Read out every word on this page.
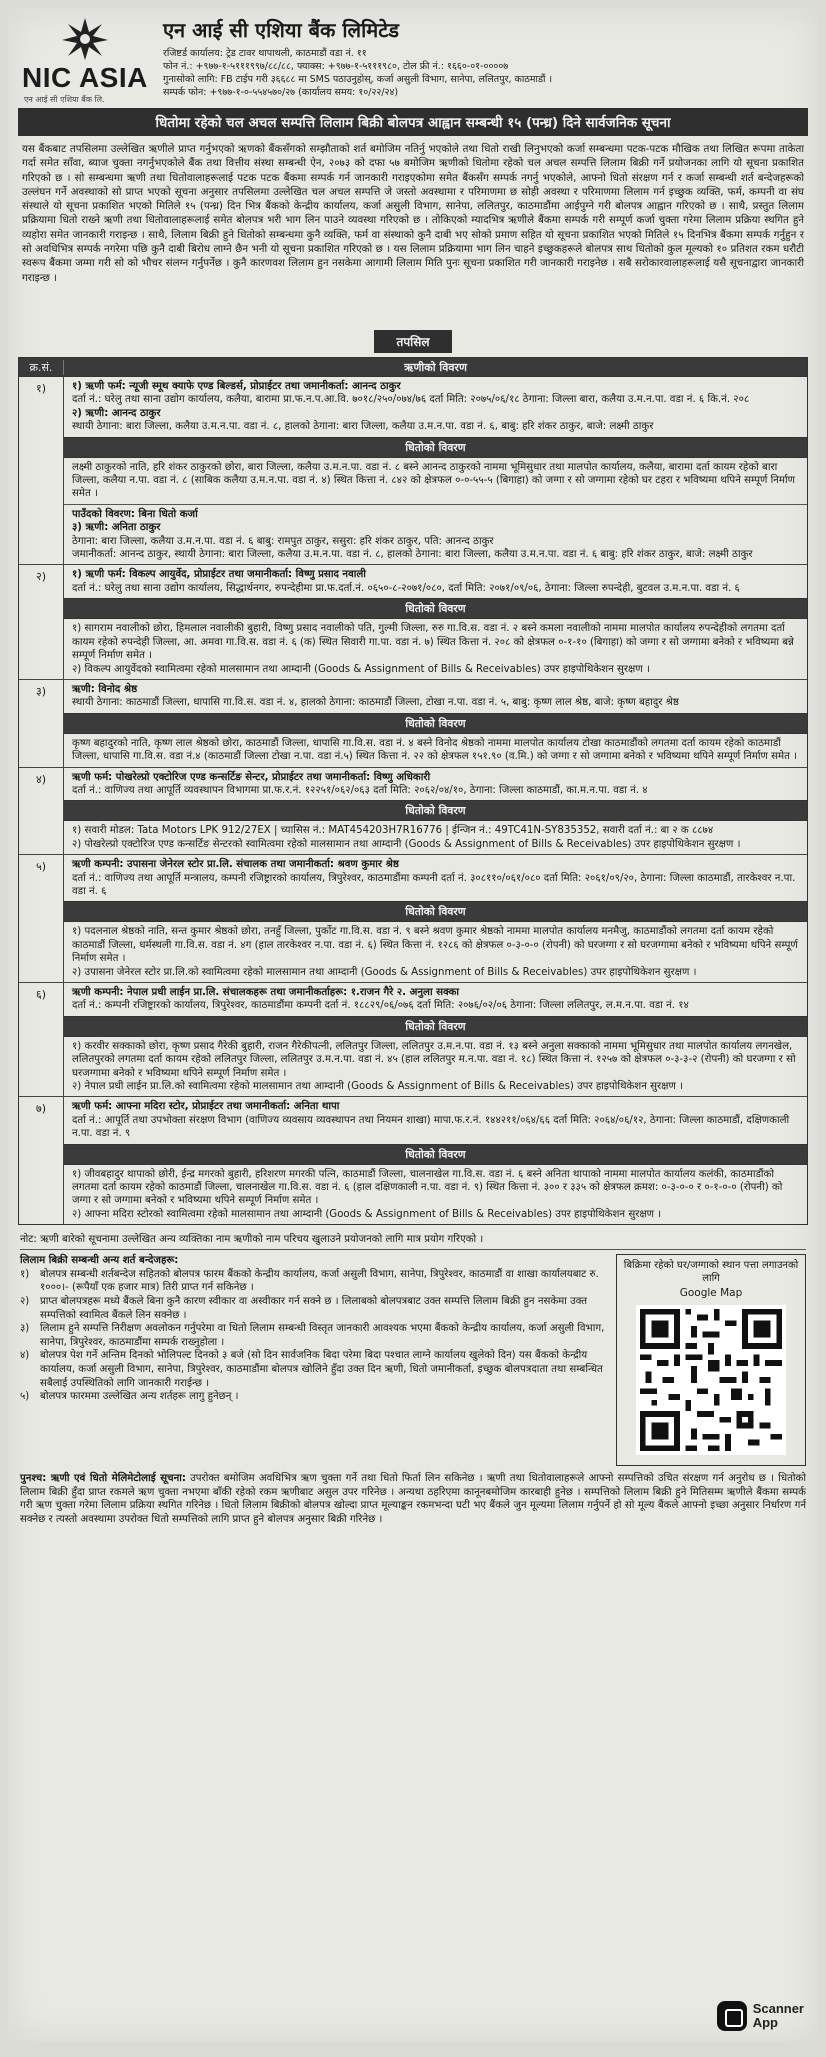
NIC ASIA
एन आई सी एशिया बैंक लि.
एन आई सी एशिया बैंक लिमिटेड
रजिष्टर्ड कार्यालय: ट्रेड टावर थापाथली, काठमाडौं वडा नं. ११
फोन नं.: +९७७-१-५१११९९७/८८/८८, फ्याक्स: +९७७-१-५१११९८०, टोल फ्री नं.: १६६०-०१-००००७
गुनासोको लागि: FB टाईप गरी ३६६८८ मा SMS पठाउनुहोस्, कर्जा असुली विभाग, सानेपा, ललितपुर, काठमाडौं ।
सम्पर्क फोन: +९७७-१-०-५५४५७०/२७ (कार्यालय समय: १०/२२/२४)
धितोमा रहेको चल अचल सम्पत्ति लिलाम बिक्री बोलपत्र आह्वान सम्बन्धी १५ (पन्ध्र) दिने सार्वजनिक सूचना
यस बैंकबाट तपसिलमा उल्लेखित ऋणीले प्राप्त गर्नुभएको ऋणको बैंकसँगको सम्झौताको शर्त बमोजिम नतिर्नु भएकोले तथा धितो राखी लिनुभएको कर्जा सम्बन्धमा पटक-पटक मौखिक तथा लिखित रूपमा ताकेता गर्दा समेत साँवा, ब्याज चुक्ता नगर्नुभएकोले बैंक तथा वित्तीय संस्था सम्बन्धी ऐन, २०७३ को दफा ५७ बमोजिम ऋणीको धितोमा रहेको चल अचल सम्पत्ति लिलाम बिक्री गर्ने प्रयोजनका लागि यो सूचना प्रकाशित गरिएको छ । सो सम्बन्धमा ऋणी तथा धितोवालाहरूलाई पटक पटक बैंकमा सम्पर्क गर्न जानकारी गराइएकोमा समेत बैंकसँग सम्पर्क नगर्नु भएकोले, आफ्नो धितो संरक्षण गर्न र कर्जा सम्बन्धी शर्त बन्देजहरूको उल्लंघन गर्ने अवस्थाको सो प्राप्त भएको सूचना अनुसार तपसिलमा उल्लेखित चल अचल सम्पत्ति जे जस्तो अवस्थामा र परिमाणमा छ सोही अवस्था र परिमाणमा लिलाम गर्न इच्छुक व्यक्ति, फर्म, कम्पनी वा संघ संस्थाले यो सूचना प्रकाशित भएको मितिले १५ (पन्ध्र) दिन भित्र बैंकको केन्द्रीय कार्यालय, कर्जा असुली विभाग, सानेपा, ललितपुर, काठमाडौंमा आईपुग्ने गरी बोलपत्र आह्वान गरिएको छ । साथै, प्रस्तुत लिलाम प्रक्रियामा धितो राख्ने ऋणी तथा धितोवालाहरूलाई समेत बोलपत्र भरी भाग लिन पाउने व्यवस्था गरिएको छ । तोकिएको म्यादभित्र ऋणीले बैंकमा सम्पर्क गरी सम्पूर्ण कर्जा चुक्ता गरेमा लिलाम प्रक्रिया स्थगित हुने व्यहोरा समेत जानकारी गराइन्छ । साथै, लिलाम बिक्री हुने धितोको सम्बन्धमा कुनै व्यक्ति, फर्म वा संस्थाको कुनै दाबी भए सोको प्रमाण सहित यो सूचना प्रकाशित भएको मितिले १५ दिनभित्र बैंकमा सम्पर्क गर्नुहुन र सो अवधिभित्र सम्पर्क नगरेमा पछि कुनै दाबी बिरोध लाग्ने छैन भनी यो सूचना प्रकाशित गरिएको छ । यस लिलाम प्रक्रियामा भाग लिन चाहने इच्छुकहरूले बोलपत्र साथ धितोको कुल मूल्यको १० प्रतिशत रकम धरौटी स्वरूप बैंकमा जम्मा गरी सो को भौचर संलग्न गर्नुपर्नेछ । कुनै कारणवश लिलाम हुन नसकेमा आगामी लिलाम मिति पुनः सूचना प्रकाशित गरी जानकारी गराइनेछ । सबै सरोकारवालाहरूलाई यसै सूचनाद्वारा जानकारी गराइन्छ ।
तपसिल
क्र.सं.	ऋणीको विवरण
१)	१) ऋणी फर्म: न्यूजी स्मूथ क्याफे एण्ड बिल्डर्स, प्रोप्राईटर तथा जमानीकर्ता: आनन्द ठाकुर
दर्ता नं.: घरेलु तथा साना उद्योग कार्यालय, कलैया, बारामा प्रा.फ.न.प.आ.वि. ७०१८/२५०/०७४/७६ दर्ता मिति: २०७५/०६/१८ ठेगाना: जिल्ला बारा, कलैया उ.म.न.पा. वडा नं. ६ कि.नं. २०८
२) ऋणी: आनन्द ठाकुर
स्थायी ठेगाना: बारा जिल्ला, कलैया उ.म.न.पा. वडा नं. ८, हालको ठेगाना: बारा जिल्ला, कलैया उ.म.न.पा. वडा नं. ६, बाबु: हरि शंकर ठाकुर, बाजे: लक्ष्मी ठाकुर
धितोको विवरण
लक्ष्मी ठाकुरको नाति, हरि शंकर ठाकुरको छोरा, बारा जिल्ला, कलैया उ.म.न.पा. वडा नं. ८ बस्ने आनन्द ठाकुरको नाममा भूमिसुधार तथा मालपोत कार्यालय, कलैया, बारामा दर्ता कायम रहेको बारा जिल्ला, कलैया न.पा. वडा नं. ८ (साबिक कलैया उ.म.न.पा. वडा नं. ४) स्थित कित्ता नं. ८४२ को क्षेत्रफल ०-०-५५-५ (बिगाहा) को जग्गा र सो जग्गामा रहेको घर टहरा र भविष्यमा थपिने सम्पूर्ण निर्माण समेत ।
पाउँदको विवरण: बिना धितो कर्जा
३) ऋणी: अनिता ठाकुर
ठेगाना: बारा जिल्ला, कलैया उ.म.न.पा. वडा नं. ६ बाबु: रामपुत ठाकुर, ससुरा: हरि शंकर ठाकुर, पति: आनन्द ठाकुर
जमानीकर्ता: आनन्द ठाकुर, स्थायी ठेगाना: बारा जिल्ला, कलैया उ.म.न.पा. वडा नं. ८, हालको ठेगाना: बारा जिल्ला, कलैया उ.म.न.पा. वडा नं. ६ बाबु: हरि शंकर ठाकुर, बाजे: लक्ष्मी ठाकुर
२)	१) ऋणी फर्म: विकल्प आयुर्वेद, प्रोप्राईटर तथा जमानीकर्ता: विष्णु प्रसाद नवाली
दर्ता नं.: घरेलु तथा साना उद्योग कार्यालय, सिद्धार्थनगर, रुपन्देहीमा प्रा.फ.दर्ता.नं. ०६५०-८-२०७१/०८०, दर्ता मिति: २०७१/०९/०६, ठेगाना: जिल्ला रुपन्देही, बुटवल उ.म.न.पा. वडा नं. ६
धितोको विवरण
१) सागराम नवालीको छोरा, हिमलाल नवालीकी बुहारी, विष्णु प्रसाद नवालीको पति, गुल्मी जिल्ला, रुरु गा.वि.स. वडा नं. २ बस्ने कमला नवालीको नाममा मालपोत कार्यालय रुपन्देहीको लगतमा दर्ता कायम रहेको रुपन्देही जिल्ला, आ. अमवा गा.वि.स. वडा नं. ६ (क) स्थित सिवारी गा.पा. वडा नं. ७) स्थित कित्ता नं. २०८ को क्षेत्रफल ०-१-१० (बिगाहा) को जग्गा र सो जग्गामा बनेको र भविष्यमा बन्ने सम्पूर्ण निर्माण समेत ।
२) विकल्प आयुर्वेदको स्वामित्वमा रहेको मालसामान तथा आम्दानी (Goods & Assignment of Bills & Receivables) उपर हाइपोथिकेशन सुरक्षण ।
३)	ऋणी: विनोद श्रेष्ठ
स्थायी ठेगाना: काठमाडौं जिल्ला, धापासि गा.वि.स. वडा नं. ४, हालको ठेगाना: काठमाडौं जिल्ला, टोखा न.पा. वडा नं. ५, बाबु: कृष्ण लाल श्रेष्ठ, बाजे: कृष्ण बहादुर श्रेष्ठ
धितोको विवरण
कृष्ण बहादुरको नाति, कृष्ण लाल श्रेष्ठको छोरा, काठमाडौं जिल्ला, धापासि गा.वि.स. वडा नं. ४ बस्ने विनोद श्रेष्ठको नाममा मालपोत कार्यालय टोखा काठमाडौंको लगतमा दर्ता कायम रहेको काठमाडौं जिल्ला, धापासि गा.वि.स. वडा नं.४ (काठमाडौं जिल्ला टोखा न.पा. वडा नं.५) स्थित कित्ता नं. २२ को क्षेत्रफल १५१.९० (व.मि.) को जग्गा र सो जग्गामा बनेको र भविष्यमा थपिने सम्पूर्ण निर्माण समेत ।
४)	ऋणी फर्म: पोखरेल्प्रो एक्टोरिज एण्ड कन्सर्टिङ सेन्टर, प्रोप्राईटर तथा जमानीकर्ता: विष्णु अधिकारी
दर्ता नं.: वाणिज्य तथा आपूर्ति व्यवस्थापन विभागमा प्रा.फ.र.नं. १२२५१/०६२/०६३ दर्ता मिति: २०६२/०४/१०, ठेगाना: जिल्ला काठमाडौं, का.म.न.पा. वडा नं. ४
धितोको विवरण
१) सवारी मोडल: Tata Motors LPK 912/27EX | च्यासिस नं.: MAT454203H7R16776 | ईन्जिन नं.: 49TC41N-SY835352, सवारी दर्ता नं.: बा २ क ८८७४
२) पोखरेल्प्रो एक्टोरिज एण्ड कन्सर्टिङ सेन्टरको स्वामित्वमा रहेको मालसामान तथा आम्दानी (Goods & Assignment of Bills & Receivables) उपर हाइपोथिकेशन सुरक्षण ।
५)	ऋणी कम्पनी: उपासना जेनेरल स्टोर प्रा.लि. संचालक तथा जमानीकर्ता: श्रवण कुमार श्रेष्ठ
दर्ता नं.: वाणिज्य तथा आपूर्ति मन्त्रालय, कम्पनी रजिष्ट्रारको कार्यालय, त्रिपुरेश्वर, काठमाडौंमा कम्पनी दर्ता नं. ३०८११०/०६१/०८० दर्ता मिति: २०६१/०९/२०, ठेगाना: जिल्ला काठमाडौं, तारकेश्वर न.पा. वडा नं. ६
धितोको विवरण
१) पदलनाल श्रेष्ठको नाति, सन्त कुमार श्रेष्ठको छोरा, तनहुँ जिल्ला, पुर्कोट गा.वि.स. वडा नं. ९ बस्ने श्रवण कुमार श्रेष्ठको नाममा मालपोत कार्यालय मनमैजु, काठमाडौंको लगतमा दर्ता कायम रहेको काठमाडौं जिल्ला, धर्मस्थली गा.वि.स. वडा नं. ४ग (हाल तारकेश्वर न.पा. वडा नं. ६) स्थित कित्ता नं. १२८६ को क्षेत्रफल ०-३-०-० (रोपनी) को घरजग्गा र सो घरजग्गामा बनेको र भविष्यमा थपिने सम्पूर्ण निर्माण समेत ।
२) उपासना जेनेरल स्टोर प्रा.लि.को स्वामित्वमा रहेको मालसामान तथा आम्दानी (Goods & Assignment of Bills & Receivables) उपर हाइपोथिकेशन सुरक्षण ।
६)	ऋणी कम्पनी: नेपाल प्रधी लाईन प्रा.लि. संचालकहरू तथा जमानीकर्ताहरू: १.राजन गैरे २. अनुला सक्का
दर्ता नं.: कम्पनी रजिष्ट्रारको कार्यालय, त्रिपुरेश्वर, काठमाडौंमा कम्पनी दर्ता नं. १८८२९/०६/०७६ दर्ता मिति: २०७६/०२/०६ ठेगाना: जिल्ला ललितपुर, ल.म.न.पा. वडा नं. १४
धितोको विवरण
१) करवीर सक्काको छोरा, कृष्ण प्रसाद गैरेकी बुहारी, राजन गैरेकीपत्नी, ललितपुर जिल्ला, ललितपुर उ.म.न.पा. वडा नं. १३ बस्ने अनुला सक्काको नाममा भूमिसुधार तथा मालपोत कार्यालय लगनखेल, ललितपुरको लगतमा दर्ता कायम रहेको ललितपुर जिल्ला, ललितपुर उ.म.न.पा. वडा नं. ४५ (हाल ललितपुर म.न.पा. वडा नं. १८) स्थित कित्ता नं. १२५७ को क्षेत्रफल ०-३-३-२ (रोपनी) को घरजग्गा र सो घरजग्गामा बनेको र भविष्यमा थपिने सम्पूर्ण निर्माण समेत ।
२) नेपाल प्रधी लाईन प्रा.लि.को स्वामित्वमा रहेको मालसामान तथा आम्दानी (Goods & Assignment of Bills & Receivables) उपर हाइपोथिकेशन सुरक्षण ।
७)	ऋणी फर्म: आफ्ना मदिरा स्टोर, प्रोप्राईटर तथा जमानीकर्ता: अनिता थापा
दर्ता नं.: आपूर्ति तथा उपभोक्ता संरक्षण विभाग (वाणिज्य व्यवसाय व्यवस्थापन तथा नियमन शाखा) मापा.फ.र.नं. १४४२११/०६४/६६ दर्ता मिति: २०६४/०६/१२, ठेगाना: जिल्ला काठमाडौं, दक्षिणकाली न.पा. वडा नं. ९
धितोको विवरण
१) जीवबहादुर थापाको छोरी, ईन्द्र मगरको बुहारी, हरिशरण मगरकी पत्नि, काठमाडौं जिल्ला, चालनाखेल गा.वि.स. वडा नं. ६ बस्ने अनिता थापाको नाममा मालपोत कार्यालय कलंकी, काठमाडौंको लगतमा दर्ता कायम रहेको काठमाडौं जिल्ला, चालनाखेल गा.वि.स. वडा नं. ६ (हाल दक्षिणकाली न.पा. वडा नं. ९) स्थित कित्ता नं. ३०० र ३३५ को क्षेत्रफल क्रमश: ०-३-०-० र ०-१-०-० (रोपनी) को जग्गा र सो जग्गामा बनेको र भविष्यमा थपिने सम्पूर्ण निर्माण समेत ।
२) आफ्ना मदिरा स्टोरको स्वामित्वमा रहेको मालसामान तथा आम्दानी (Goods & Assignment of Bills & Receivables) उपर हाइपोथिकेशन सुरक्षण ।
नोट: ऋणी बारेको सूचनामा उल्लेखित अन्य व्यक्तिका नाम ऋणीको नाम परिचय खुलाउने प्रयोजनको लागि मात्र प्रयोग गरिएको ।
लिलाम बिक्री सम्बन्धी अन्य शर्त बन्देजहरू:
१)	बोलपत्र सम्बन्धी शर्तबन्देज सहितको बोलपत्र फारम बैंकको केन्द्रीय कार्यालय, कर्जा असुली विभाग, सानेपा, त्रिपुरेश्वर, काठमाडौं वा शाखा कार्यालयबाट रु. १०००।- (रूपैयाँ एक हजार मात्र) तिरी प्राप्त गर्न सकिनेछ ।
२)	प्राप्त बोलपत्रहरू मध्ये बैंकले बिना कुनै कारण स्वीकार वा अस्वीकार गर्न सक्ने छ । लिलाबको बोलपत्रबाट उक्त सम्पत्ति लिलाम बिक्री हुन नसकेमा उक्त सम्पत्तिको स्वामित्व बैंकले लिन सक्नेछ ।
३)	लिलाम हुने सम्पत्ति निरीक्षण अवलोकन गर्नुपरेमा वा धितो लिलाम सम्बन्धी विस्तृत जानकारी आवश्यक भएमा बैंकको केन्द्रीय कार्यालय, कर्जा असुली विभाग, सानेपा, त्रिपुरेश्वर, काठमाडौंमा सम्पर्क राख्नुहोला ।
४)	बोलपत्र पेश गर्ने अन्तिम दिनको भोलिपल्ट दिनको ३ बजे (सो दिन सार्वजनिक बिदा परेमा बिदा पश्चात लाग्ने कार्यालय खुलेको दिन) यस बैंकको केन्द्रीय कार्यालय, कर्जा असुली विभाग, सानेपा, त्रिपुरेश्वर, काठमाडौंमा बोलपत्र खोलिने हुँदा उक्त दिन ऋणी, धितो जमानीकर्ता, इच्छुक बोलपत्रदाता तथा सम्बन्धित सबैलाई उपस्थितिको लागि जानकारी गराईन्छ ।
५)	बोलपत्र फारममा उल्लेखित अन्य शर्तहरू लागु हुनेछन् ।
बिक्रिमा रहेको घर/जग्गाको स्थान पत्ता लगाउनको लागि
Google Map
पुनश्च: ऋणी एवं धितो मेलिमेटोलाई सूचना: उपरोक्त बमोजिम अवधिभित्र ऋण चुक्ता गर्ने तथा धितो फिर्ता लिन सकिनेछ । ऋणी तथा धितोवालाहरूले आफ्नो सम्पत्तिको उचित संरक्षण गर्न अनुरोध छ । धितोको लिलाम बिक्री हुँदा प्राप्त रकमले ऋण चुक्ता नभएमा बाँकी रहेको रकम ऋणीबाट असुल उपर गरिनेछ । अन्यथा ठहरिएमा कानूनबमोजिम कारबाही हुनेछ । सम्पत्तिको लिलाम बिक्री हुने मितिसम्म ऋणीले बैंकमा सम्पर्क गरी ऋण चुक्ता गरेमा लिलाम प्रक्रिया स्थगित गरिनेछ । धितो लिलाम बिक्रीको बोलपत्र खोल्दा प्राप्त मूल्याङ्कन रकमभन्दा घटी भए बैंकले जुन मूल्यमा लिलाम गर्नुपर्ने हो सो मूल्य बैंकले आफ्नो इच्छा अनुसार निर्धारण गर्न सक्नेछ र त्यस्तो अवस्थामा उपरोक्त धितो सम्पत्तिको लागि प्राप्त हुने बोलपत्र अनुसार बिक्री गरिनेछ ।
Scanner
App
